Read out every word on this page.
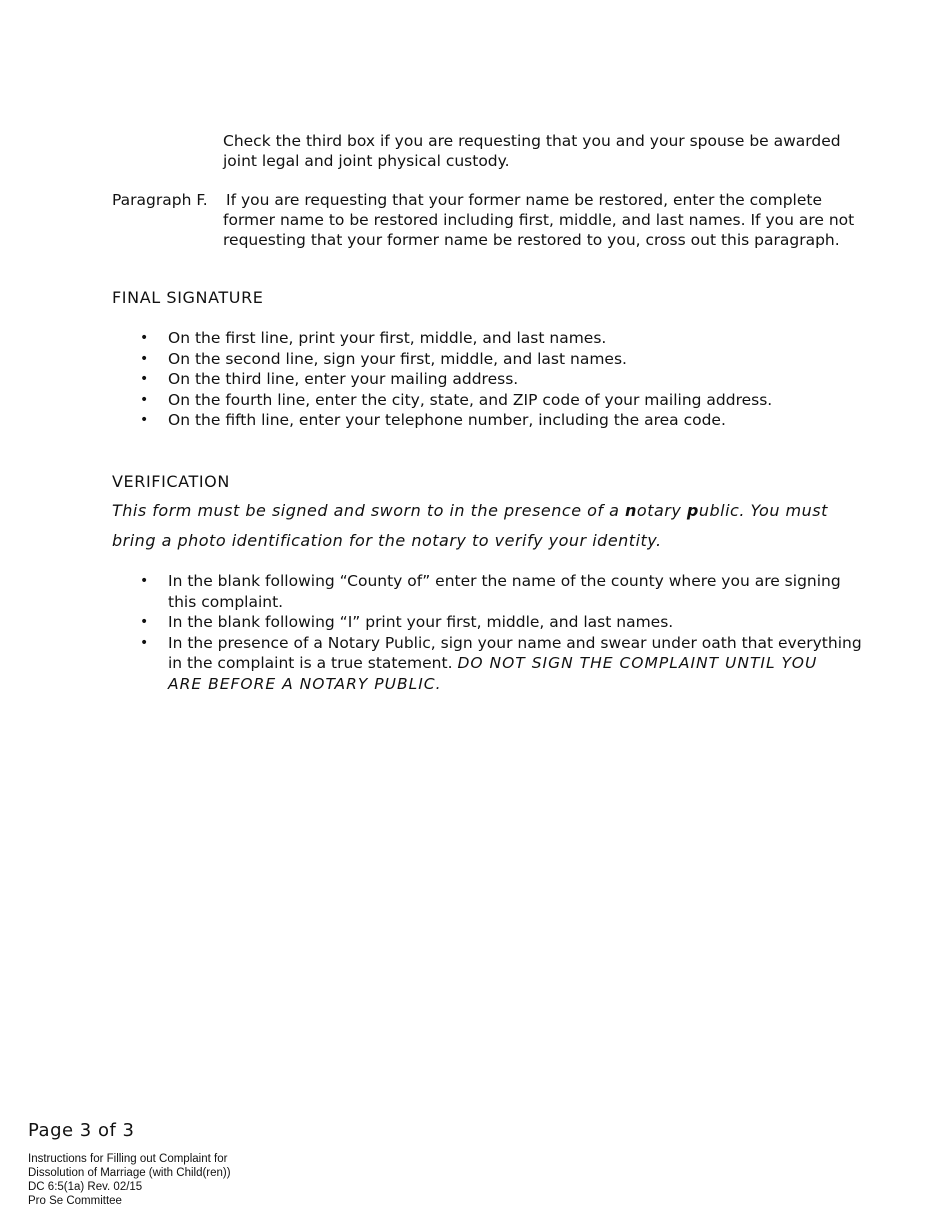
Check the third box if you are requesting that you and your spouse be awarded
joint legal and joint physical custody.
Paragraph F. If you are requesting that your former name be restored, enter the complete
former name to be restored including first, middle, and last names. If you are not
requesting that your former name be restored to you, cross out this paragraph.
FINAL SIGNATURE
• On the first line, print your first, middle, and last names.
• On the second line, sign your first, middle, and last names.
• On the third line, enter your mailing address.
• On the fourth line, enter the city, state, and ZIP code of your mailing address.
• On the fifth line, enter your telephone number, including the area code.
VERIFICATION
This form must be signed and sworn to in the presence of a notary public. You must
bring a photo identification for the notary to verify your identity.
• In the blank following “County of” enter the name of the county where you are signing
this complaint.
• In the blank following “I” print your first, middle, and last names.
• In the presence of a Notary Public, sign your name and swear under oath that everything
in the complaint is a true statement. DO NOT SIGN THE COMPLAINT UNTIL YOU
ARE BEFORE A NOTARY PUBLIC.
Page 3 of 3
Instructions for Filling out Complaint for
Dissolution of Marriage (with Child(ren))
DC 6:5(1a) Rev. 02/15
Pro Se Committee
